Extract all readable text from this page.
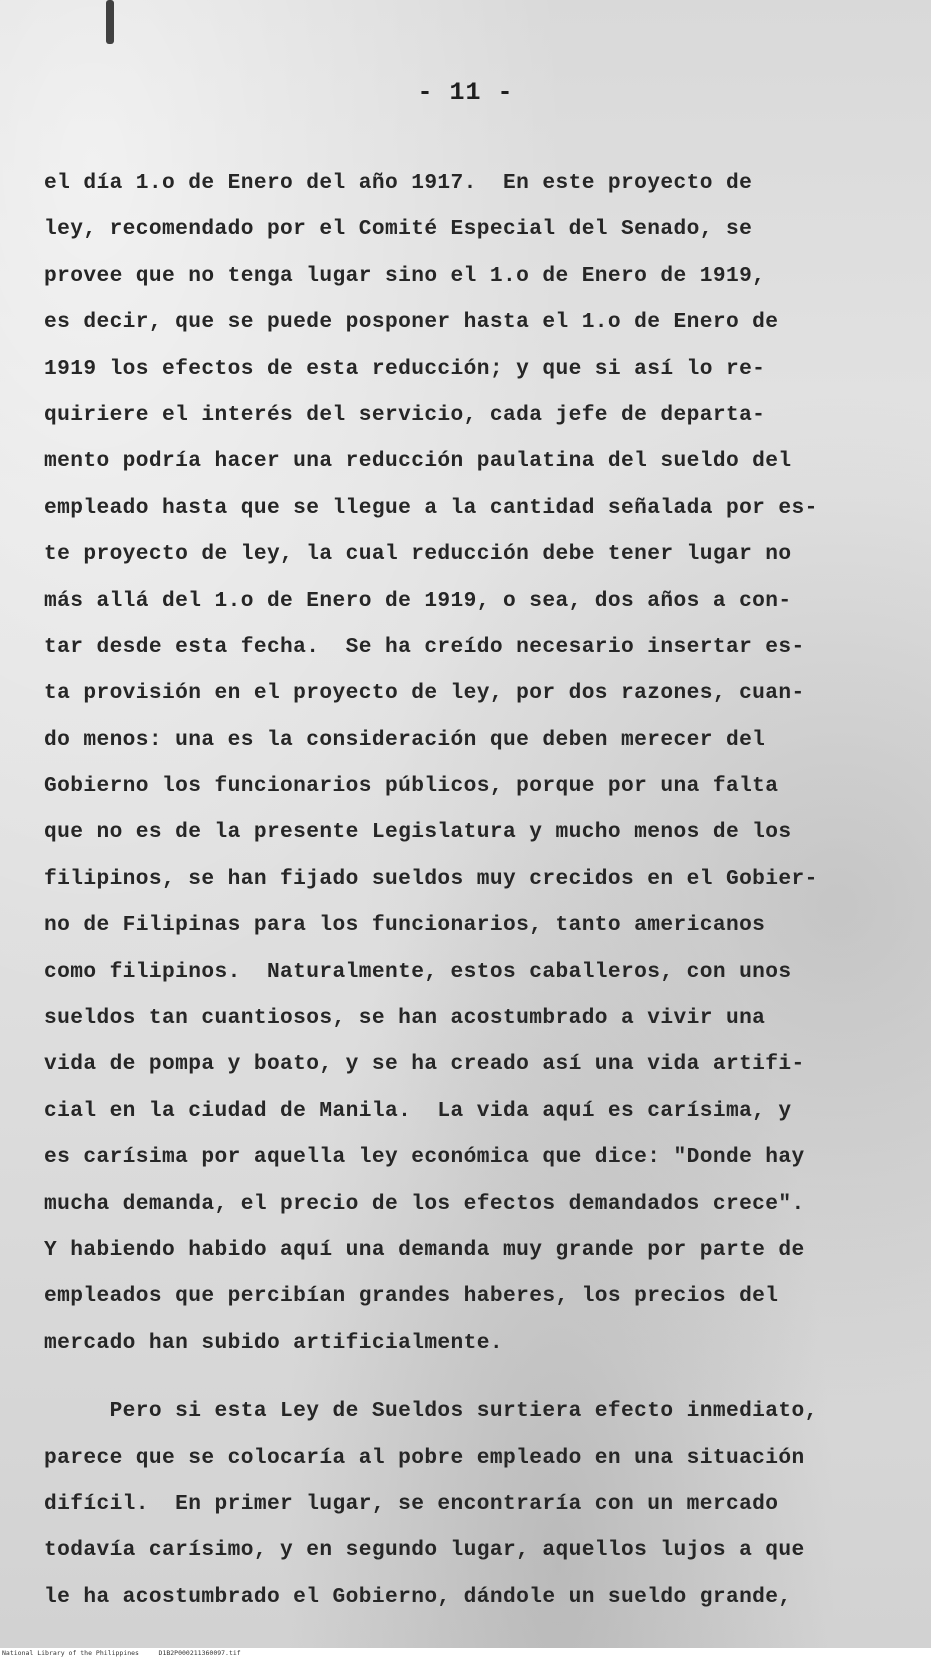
- 11 -
el día 1.o de Enero del año 1917.  En este proyecto de
ley, recomendado por el Comité Especial del Senado, se
provee que no tenga lugar sino el 1.o de Enero de 1919,
es decir, que se puede posponer hasta el 1.o de Enero de
1919 los efectos de esta reducción; y que si así lo re-
quiriere el interés del servicio, cada jefe de departa-
mento podría hacer una reducción paulatina del sueldo del
empleado hasta que se llegue a la cantidad señalada por es-
te proyecto de ley, la cual reducción debe tener lugar no
más allá del 1.o de Enero de 1919, o sea, dos años a con-
tar desde esta fecha.  Se ha creído necesario insertar es-
ta provisión en el proyecto de ley, por dos razones, cuan-
do menos: una es la consideración que deben merecer del
Gobierno los funcionarios públicos, porque por una falta
que no es de la presente Legislatura y mucho menos de los
filipinos, se han fijado sueldos muy crecidos en el Gobier-
no de Filipinas para los funcionarios, tanto americanos
como filipinos.  Naturalmente, estos caballeros, con unos
sueldos tan cuantiosos, se han acostumbrado a vivir una
vida de pompa y boato, y se ha creado así una vida artifi-
cial en la ciudad de Manila.  La vida aquí es carísima, y
es carísima por aquella ley económica que dice: "Donde hay
mucha demanda, el precio de los efectos demandados crece".
Y habiendo habido aquí una demanda muy grande por parte de
empleados que percibían grandes haberes, los precios del
mercado han subido artificialmente.
Pero si esta Ley de Sueldos surtiera efecto inmediato,
parece que se colocaría al pobre empleado en una situación
difícil.  En primer lugar, se encontraría con un mercado
todavía carísimo, y en segundo lugar, aquellos lujos a que
le ha acostumbrado el Gobierno, dándole un sueldo grande,
National Library of the Philippines     D1B2P000211360097.tif
